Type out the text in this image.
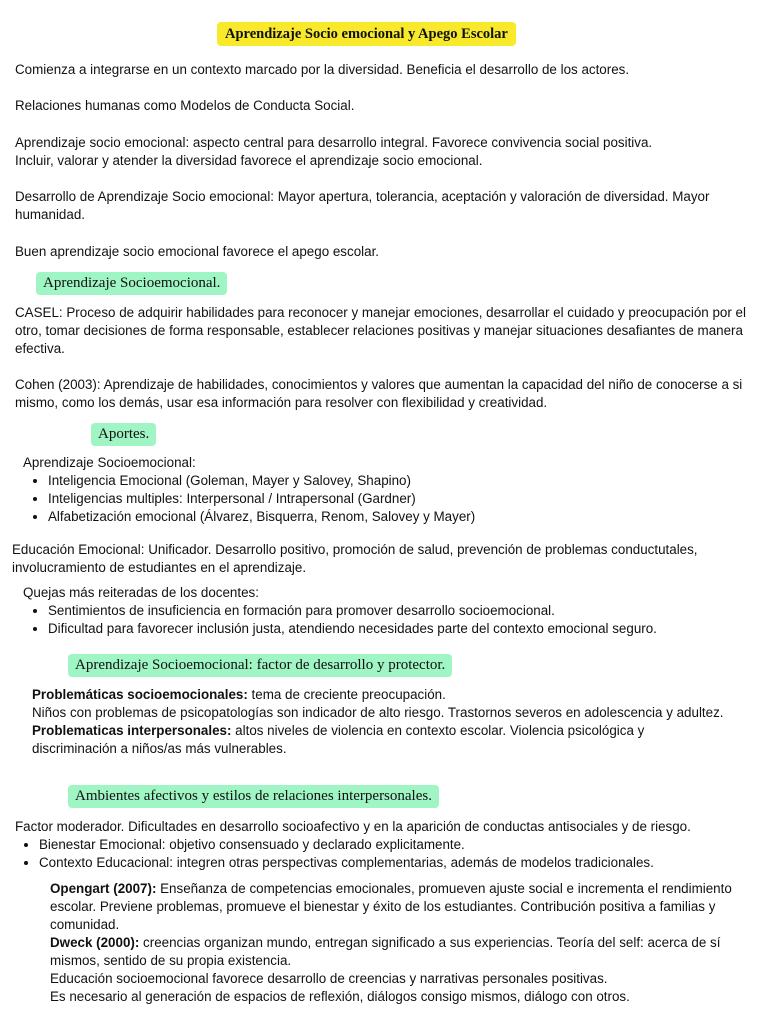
Aprendizaje Socio emocional y Apego Escolar

Comienza a integrarse en un contexto marcado por la diversidad. Beneficia el desarrollo de los actores.

Relaciones humanas como Modelos de Conducta Social.

Aprendizaje socio emocional: aspecto central para desarrollo integral. Favorece convivencia social positiva.
Incluir, valorar y atender la diversidad favorece el aprendizaje socio emocional.

Desarrollo de Aprendizaje Socio emocional: Mayor apertura, tolerancia, aceptación y valoración de diversidad. Mayor humanidad.

Buen aprendizaje socio emocional favorece el apego escolar.

Aprendizaje Socioemocional.

CASEL: Proceso de adquirir habilidades para reconocer y manejar emociones, desarrollar el cuidado y preocupación por el otro, tomar decisiones de forma responsable, establecer relaciones positivas y manejar situaciones desafiantes de manera efectiva.

Cohen (2003): Aprendizaje de habilidades, conocimientos y valores que aumentan la capacidad del niño de conocerse a si mismo, como los demás, usar esa información para resolver con flexibilidad y creatividad.

Aportes.
Aprendizaje Socioemocional:
• Inteligencia Emocional (Goleman, Mayer y Salovey, Shapino)
• Inteligencias multiples: Interpersonal / Intrapersonal (Gardner)
• Alfabetización emocional (Álvarez, Bisquerra, Renom, Salovey y Mayer)

Educación Emocional: Unificador. Desarrollo positivo, promoción de salud, prevención de problemas conductutales, involucramiento de estudiantes en el aprendizaje.

Quejas más reiteradas de los docentes:
• Sentimientos de insuficiencia en formación para promover desarrollo socioemocional.
• Dificultad para favorecer inclusión justa, atendiendo necesidades parte del contexto emocional seguro.
Aprendizaje Socioemocional: factor de desarrollo y protector.
Problemáticas socioemocionales: tema de creciente preocupación.
Niños con problemas de psicopatologías son indicador de alto riesgo. Trastornos severos en adolescencia y adultez.
Problematicas interpersonales: altos niveles de violencia en contexto escolar. Violencia psicológica y discriminación a niños/as más vulnerables.
Ambientes afectivos y estilos de relaciones interpersonales.
Factor moderador. Dificultades en desarrollo socioafectivo y en la aparición de conductas antisociales y de riesgo.
• Bienestar Emocional: objetivo consensuado y declarado explicitamente.
• Contexto Educacional: integren otras perspectivas complementarias, además de modelos tradicionales.
Opengart (2007): Enseñanza de competencias emocionales, promueven ajuste social e incrementa el rendimiento escolar. Previene problemas, promueve el bienestar y éxito de los estudiantes. Contribución positiva a familias y comunidad.
Dweck (2000): creencias organizan mundo, entregan significado a sus experiencias. Teoría del self: acerca de sí mismos, sentido de su propia existencia.
Educación socioemocional favorece desarrollo de creencias y narrativas personales positivas.
Es necesario al generación de espacios de reflexión, diálogos consigo mismos, diálogo con otros.
